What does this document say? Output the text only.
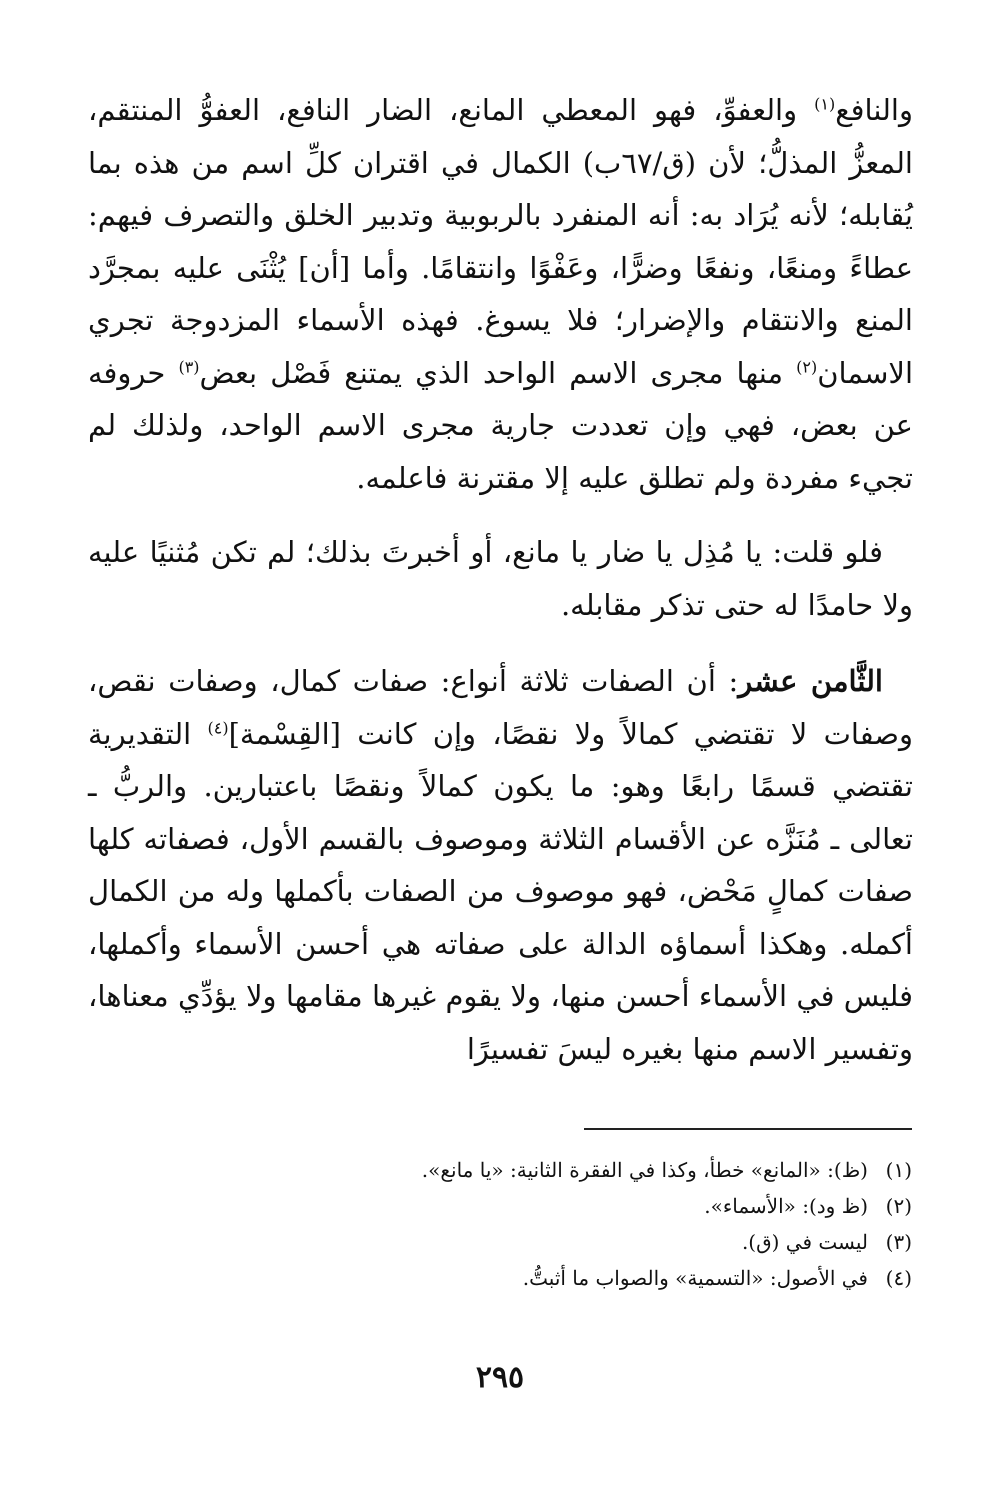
والنافع$^{(١)}$ والعفوِّ، فهو المعطي المانع، الضار النافع، العفوُّ المنتقم، المعزُّ المذلُّ؛ لأن (ق/٦٧ب) الكمال في اقتران كلِّ اسم من هذه بما يُقابله؛ لأنه يُرَاد به: أنه المنفرد بالربوبية وتدبير الخلق والتصرف فيهم: عطاءً ومنعًا، ونفعًا وضرًّا، وعَفْوًا وانتقامًا. وأما [أن] يُثْنَى عليه بمجرَّد المنع والانتقام والإضرار؛ فلا يسوغ. فهذه الأسماء المزدوجة تجري الاسمان$^{(٢)}$ منها مجرى الاسم الواحد الذي يمتنع فَصْل بعض$^{(٣)}$ حروفه عن بعض، فهي وإن تعددت جارية مجرى الاسم الواحد، ولذلك لم تجيء مفردة ولم تطلق عليه إلا مقترنة فاعلمه.

فلو قلت: يا مُذِل يا ضار يا مانع، أو أخبرتَ بذلك؛ لم تكن مُثنيًا عليه ولا حامدًا له حتى تذكر مقابله.

الثَّامن عشر: أن الصفات ثلاثة أنواع: صفات كمال، وصفات نقص، وصفات لا تقتضي كمالاً ولا نقصًا، وإن كانت [القِسْمة]$^{(٤)}$ التقديرية تقتضي قسمًا رابعًا وهو: ما يكون كمالاً ونقصًا باعتبارين. والربُّ ـ تعالى ـ مُنَزَّه عن الأقسام الثلاثة وموصوف بالقسم الأول، فصفاته كلها صفات كمالٍ مَحْض، فهو موصوف من الصفات بأكملها وله من الكمال أكمله. وهكذا أسماؤه الدالة على صفاته هي أحسن الأسماء وأكملها، فليس في الأسماء أحسن منها، ولا يقوم غيرها مقامها ولا يؤدِّي معناها، وتفسير الاسم منها بغيره ليسَ تفسيرًا

(١)
(ظ): «المانع» خطأ، وكذا في الفقرة الثانية: «يا مانع».
(٢)
(ظ ود): «الأسماء».
(٣)
ليست في (ق).
(٤)
في الأصول: «التسمية» والصواب ما أثبتُّ.
٢٩٥
